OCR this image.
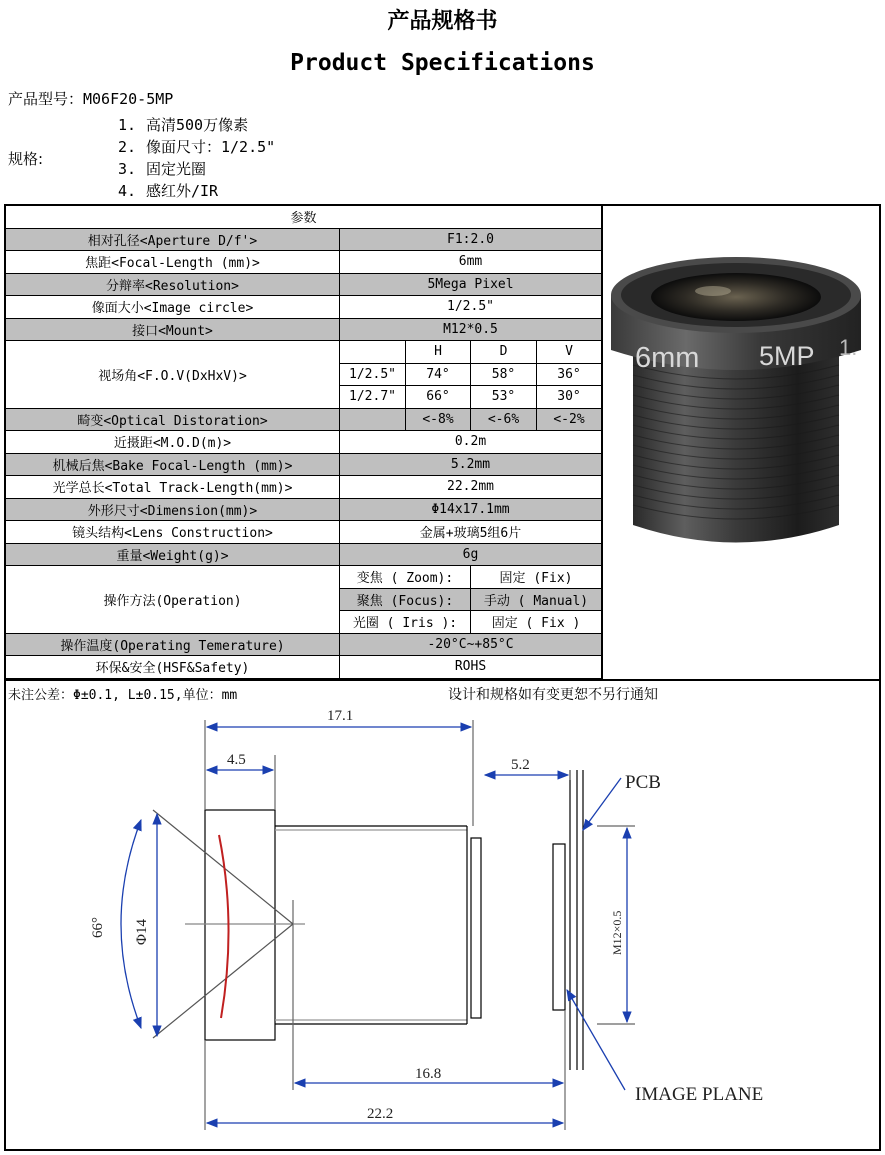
产品规格书
Product Specifications
产品型号：M06F20-5MP
规格:
1. 高清500万像素
2. 像面尺寸：1/2.5"
3. 固定光圈
4. 感红外/IR
参数				
相对孔径<Aperture D/f'>	F1:2.0			
焦距<Focal-Length (mm)>	6mm			
分辩率<Resolution>	5Mega Pixel			
像面大小<Image circle>	1/2.5"			
接口<Mount>	M12*0.5			
视场角<F.O.V(DxHxV)>		H	D	V
	1/2.5"	74°	58°	36°
	1/2.7"	66°	53°	30°
畸变<Optical Distoration>		<-8%	<-6%	<-2%
近摄距<M.O.D(m)>	0.2m			
机械后焦<Bake Focal-Length (mm)>	5.2mm			
光学总长<Total Track-Length(mm)>	22.2mm			
外形尺寸<Dimension(mm)>	Φ14x17.1mm			
镜头结构<Lens Construction>	金属+玻璃5组6片			
重量<Weight(g)>	6g			
操作方法(Operation)	变焦 ( Zoom):		固定 (Fix)	
	聚焦 (Focus):		手动 ( Manual)	
	光圈 ( Iris ):		固定 ( Fix )	
操作温度(Operating Temerature)	-20°C~+85°C			
环保&安全(HSF&Safety)	ROHS			
6mm 5MP 1.
未注公差：Φ±0.1, L±0.15,单位：mm	设计和规格如有变更恕不另行通知
17.1
4.5	5.2
16.8
22.2
Φ14
66°	M12×0.5
PCB
IMAGE PLANE
